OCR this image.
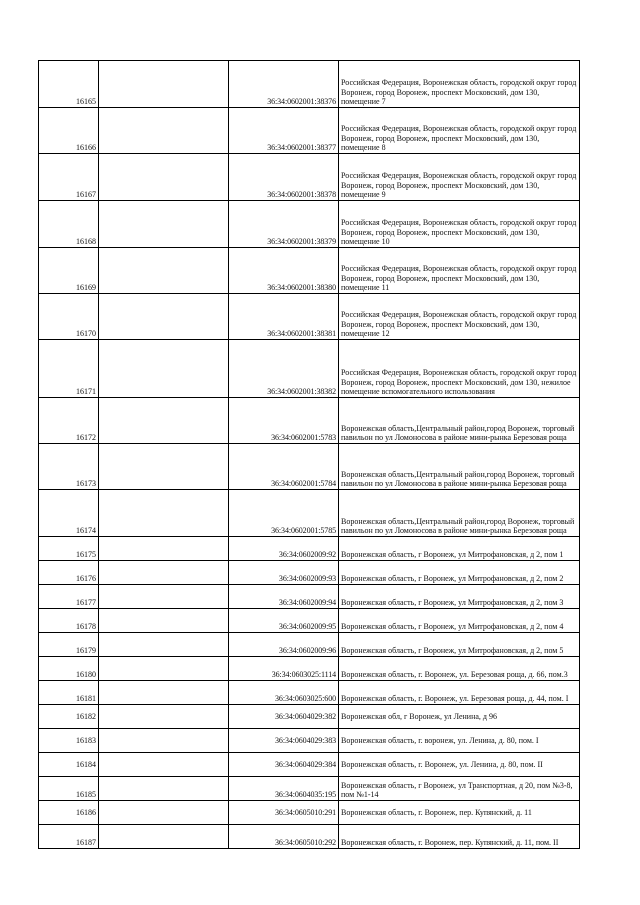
16165		36:34:0602001:38376	Российская Федерация, Воронежская область, городской округ город Воронеж, город Воронеж, проспект Московский, дом 130, помещение 7

16166		36:34:0602001:38377	Российская Федерация, Воронежская область, городской округ город Воронеж, город Воронеж, проспект Московский, дом 130, помещение 8

16167		36:34:0602001:38378	Российская Федерация, Воронежская область, городской округ город Воронеж, город Воронеж, проспект Московский, дом 130, помещение 9

16168		36:34:0602001:38379	Российская Федерация, Воронежская область, городской округ город Воронеж, город Воронеж, проспект Московский, дом 130, помещение 10

16169		36:34:0602001:38380	Российская Федерация, Воронежская область, городской округ город Воронеж, город Воронеж, проспект Московский, дом 130, помещение 11

16170		36:34:0602001:38381	Российская Федерация, Воронежская область, городской округ город Воронеж, город Воронеж, проспект Московский, дом 130, помещение 12

16171		36:34:0602001:38382	Российская Федерация, Воронежская область, городской округ город Воронеж, город Воронеж, проспект Московский, дом 130, нежилое помещение вспомогательного использования

16172		36:34:0602001:5783	Воронежская область,Центральный район,город Воронеж, торговый павильон по ул Ломоносова в районе мини-рынка Березовая роща

16173		36:34:0602001:5784	Воронежская область,Центральный район,город Воронеж, торговый павильон по ул Ломоносова в районе мини-рынка Березовая роща

16174		36:34:0602001:5785	Воронежская область,Центральный район,город Воронеж, торговый павильон по ул Ломоносова в районе мини-рынка Березовая роща

16175		36:34:0602009:92	Воронежская область, г Воронеж, ул Митрофановская, д 2, пом 1

16176		36:34:0602009:93	Воронежская область, г Воронеж, ул Митрофановская, д 2, пом 2

16177		36:34:0602009:94	Воронежская область, г Воронеж, ул Митрофановская, д 2, пом 3

16178		36:34:0602009:95	Воронежская область, г Воронеж, ул Митрофановская, д 2, пом 4

16179		36:34:0602009:96	Воронежская область, г Воронеж, ул Митрофановская, д 2, пом 5

16180		36:34:0603025:1114	Воронежская область, г. Воронеж, ул. Березовая роща, д. 66, пом.3

16181		36:34:0603025:600	Воронежская область, г. Воронеж, ул. Березовая роща, д. 44, пом. I

16182		36:34:0604029:382	Воронежская обл, г Воронеж, ул Ленина, д 96

16183		36:34:0604029:383	Воронежская область, г. воронеж, ул. Ленина, д. 80, пом. I

16184		36:34:0604029:384	Воронежская область, г. Воронеж, ул. Ленина, д. 80, пом. II

16185		36:34:0604035:195	Воронежская область, г Воронеж, ул Транспортная, д 20, пом №3-8, пом №1-14

16186		36:34:0605010:291	Воронежская область, г. Воронеж, пер. Купянский, д. 11

16187		36:34:0605010:292	Воронежская область, г. Воронеж, пер. Купянский, д. 11, пом. II
